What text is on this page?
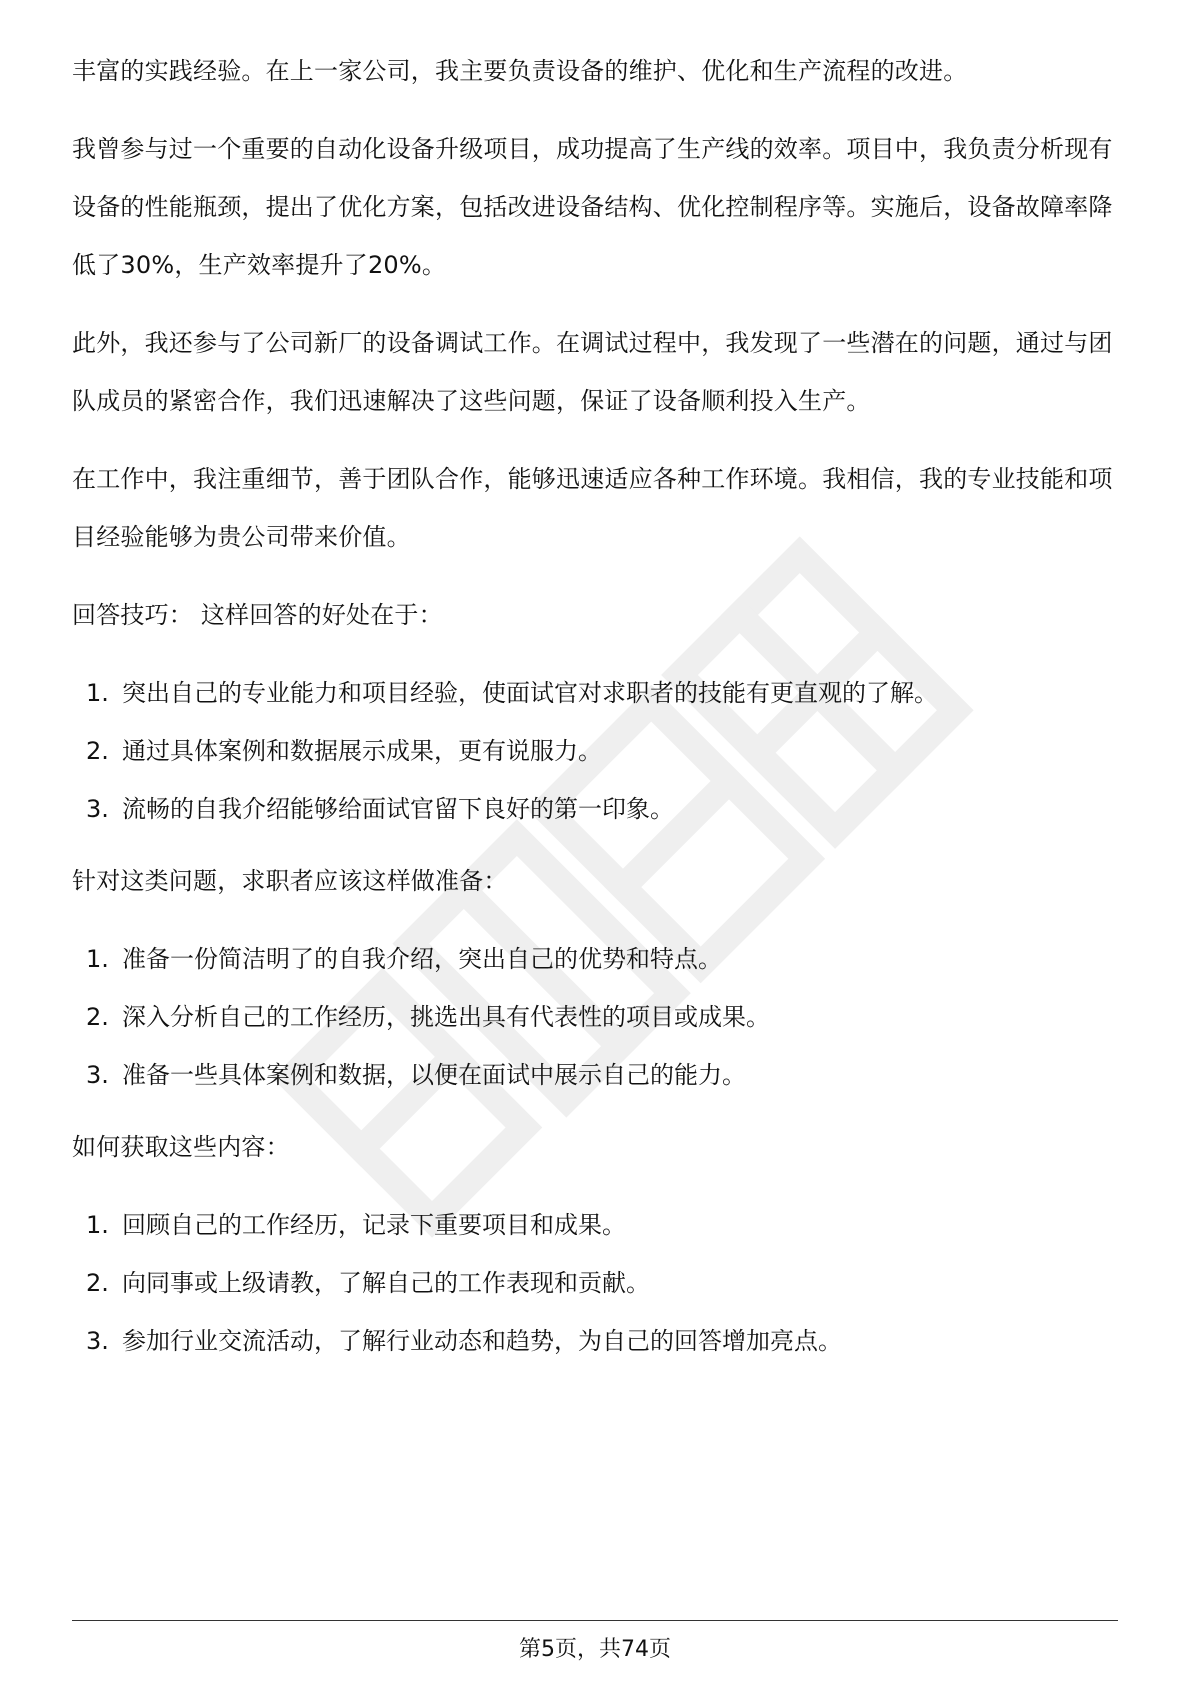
丰富的实践经验。在上一家公司，我主要负责设备的维护、优化和生产流程的改进。

我曾参与过一个重要的自动化设备升级项目，成功提高了生产线的效率。项目中，我负责分析现有设备的性能瓶颈，提出了优化方案，包括改进设备结构、优化控制程序等。实施后，设备故障率降低了30%，生产效率提升了20%。

此外，我还参与了公司新厂的设备调试工作。在调试过程中，我发现了一些潜在的问题，通过与团队成员的紧密合作，我们迅速解决了这些问题，保证了设备顺利投入生产。

在工作中，我注重细节，善于团队合作，能够迅速适应各种工作环境。我相信，我的专业技能和项目经验能够为贵公司带来价值。

回答技巧： 这样回答的好处在于：

1. 突出自己的专业能力和项目经验，使面试官对求职者的技能有更直观的了解。
2. 通过具体案例和数据展示成果，更有说服力。
3. 流畅的自我介绍能够给面试官留下良好的第一印象。

针对这类问题，求职者应该这样做准备：

1. 准备一份简洁明了的自我介绍，突出自己的优势和特点。
2. 深入分析自己的工作经历，挑选出具有代表性的项目或成果。
3. 准备一些具体案例和数据，以便在面试中展示自己的能力。

如何获取这些内容：

1. 回顾自己的工作经历，记录下重要项目和成果。
2. 向同事或上级请教，了解自己的工作表现和贡献。
3. 参加行业交流活动，了解行业动态和趋势，为自己的回答增加亮点。
第5页，共74页
